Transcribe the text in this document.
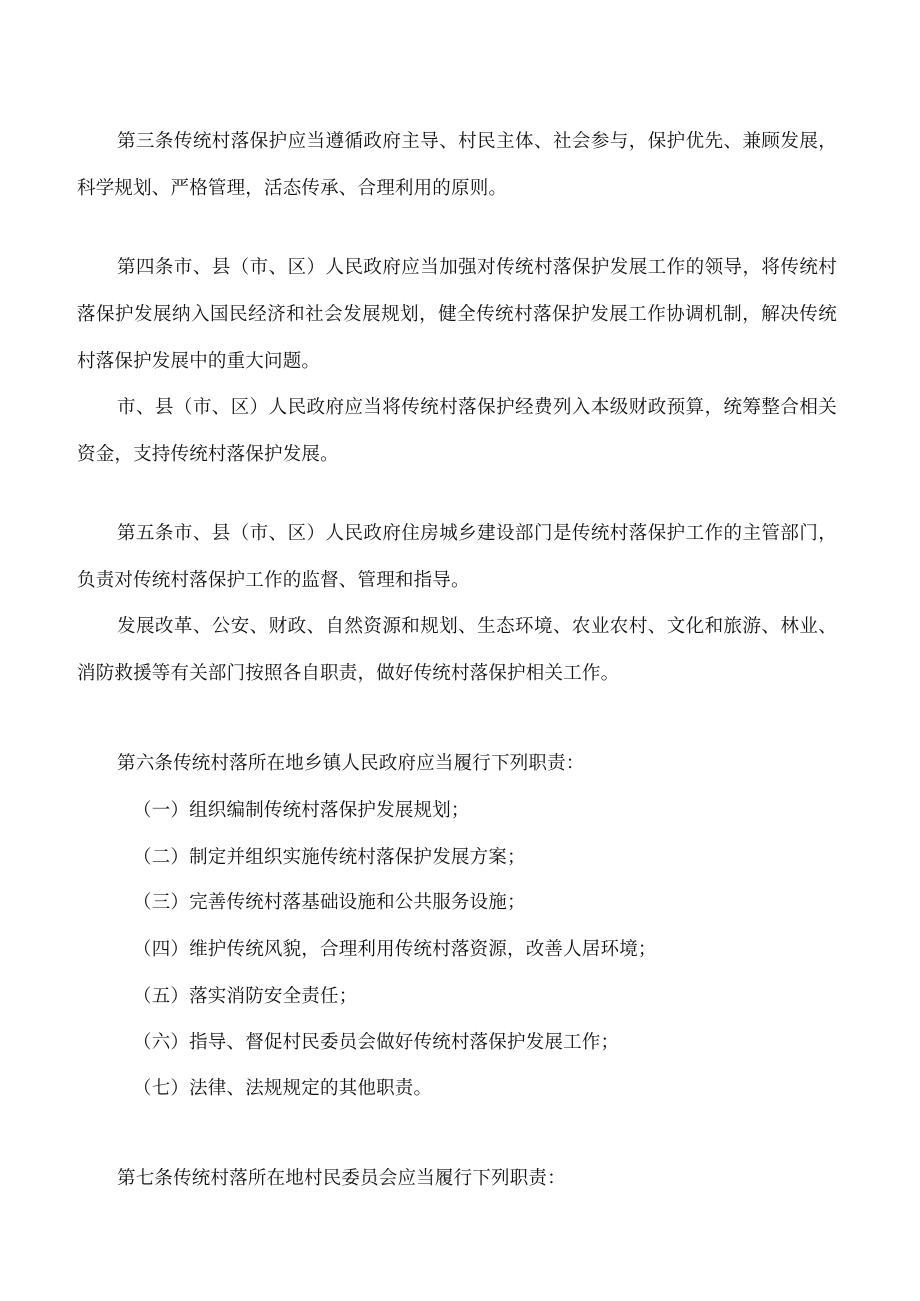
第三条传统村落保护应当遵循政府主导、村民主体、社会参与，保护优先、兼顾发展，科学规划、严格管理，活态传承、合理利用的原则。

第四条市、县（市、区）人民政府应当加强对传统村落保护发展工作的领导，将传统村落保护发展纳入国民经济和社会发展规划，健全传统村落保护发展工作协调机制，解决传统村落保护发展中的重大问题。

市、县（市、区）人民政府应当将传统村落保护经费列入本级财政预算，统筹整合相关资金，支持传统村落保护发展。

第五条市、县（市、区）人民政府住房城乡建设部门是传统村落保护工作的主管部门，负责对传统村落保护工作的监督、管理和指导。

发展改革、公安、财政、自然资源和规划、生态环境、农业农村、文化和旅游、林业、消防救援等有关部门按照各自职责，做好传统村落保护相关工作。

第六条传统村落所在地乡镇人民政府应当履行下列职责：

（一）组织编制传统村落保护发展规划；

（二）制定并组织实施传统村落保护发展方案；

（三）完善传统村落基础设施和公共服务设施；

（四）维护传统风貌，合理利用传统村落资源，改善人居环境；

（五）落实消防安全责任；

（六）指导、督促村民委员会做好传统村落保护发展工作；

（七）法律、法规规定的其他职责。

第七条传统村落所在地村民委员会应当履行下列职责：
